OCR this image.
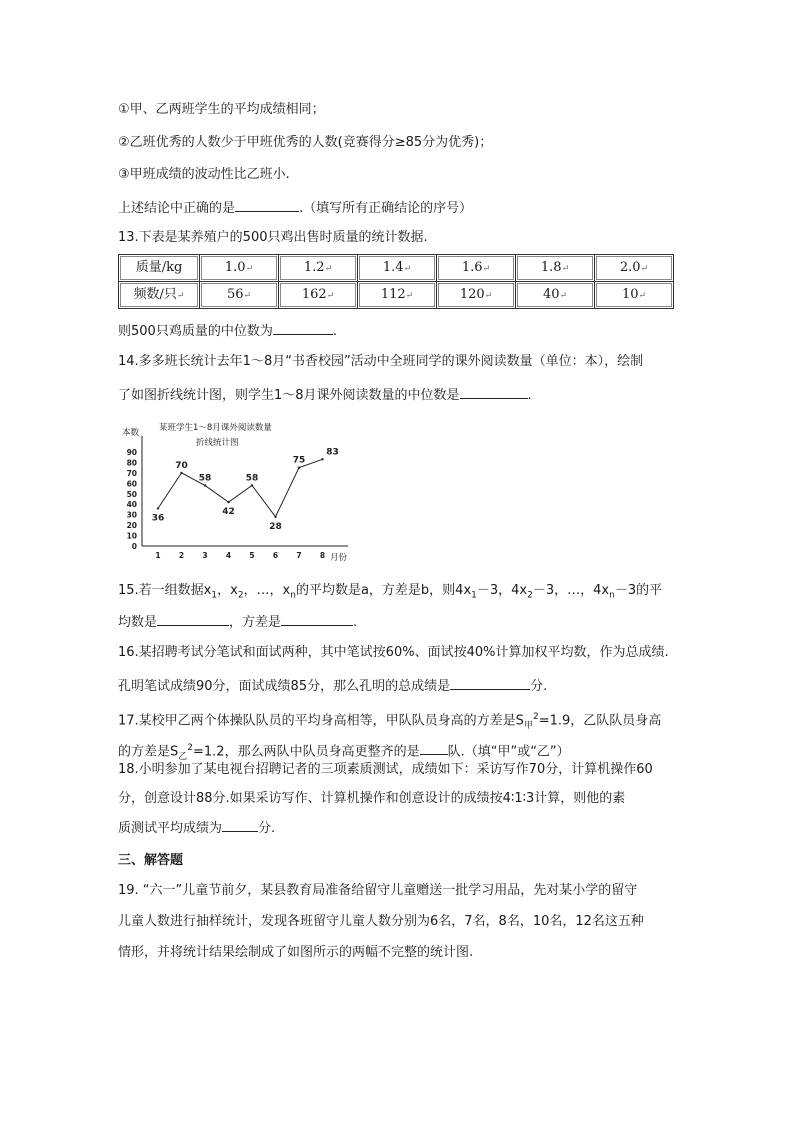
①甲、乙两班学生的平均成绩相同；
②乙班优秀的人数少于甲班优秀的人数(竞赛得分≥85分为优秀)；
③甲班成绩的波动性比乙班小.
上述结论中正确的是	.（填写所有正确结论的序号）
13.下表是某养殖户的500只鸡出售时质量的统计数据.
质量/kg	1.0↵	1.2↵	1.4↵	1.6↵	1.8↵	2.0↵

频数/只↵	56↵	162↵	112↵	120↵	40↵	10↵
则500只鸡质量的中位数为	.
14.多多班长统计去年1～8月“书香校园”活动中全班同学的课外阅读数量（单位：本），绘制
了如图折线统计图，则学生1～8月课外阅读数量的中位数是	.
某班学生1～8月课外阅读数量
折线统计图
本数
0
10
20
30
40
50
60
70
80
90
1 2 3 4 5 6 7 8 月份
36
70
58
42
58
28
75
83
15.若一组数据$x_1$，$x_2$，…，$x_n$的平均数是a，方差是b，则$4x_1-3$，$4x_2-3$，…，$4x_n-3$的平
均数是	，方差是	.
16.某招聘考试分笔试和面试两种，其中笔试按60%、面试按40%计算加权平均数，作为总成绩.
孔明笔试成绩90分，面试成绩85分，那么孔明的总成绩是	分.
17.某校甲乙两个体操队队员的平均身高相等，甲队队员身高的方差是$S_甲^2=1.9$，乙队队员身高
的方差是$S_乙^2=1.2$，那么两队中队员身高更整齐的是 队.（填“甲”或“乙”）
18.小明参加了某电视台招聘记者的三项素质测试，成绩如下：采访写作70分，计算机操作60
分，创意设计88分.如果采访写作、计算机操作和创意设计的成绩按4∶1∶3计算，则他的素
质测试平均成绩为	分.
三、解答题
19. “六一”儿童节前夕，某县教育局准备给留守儿童赠送一批学习用品，先对某小学的留守
儿童人数进行抽样统计，发现各班留守儿童人数分别为6名，7名，8名，10名，12名这五种
情形，并将统计结果绘制成了如图所示的两幅不完整的统计图.
